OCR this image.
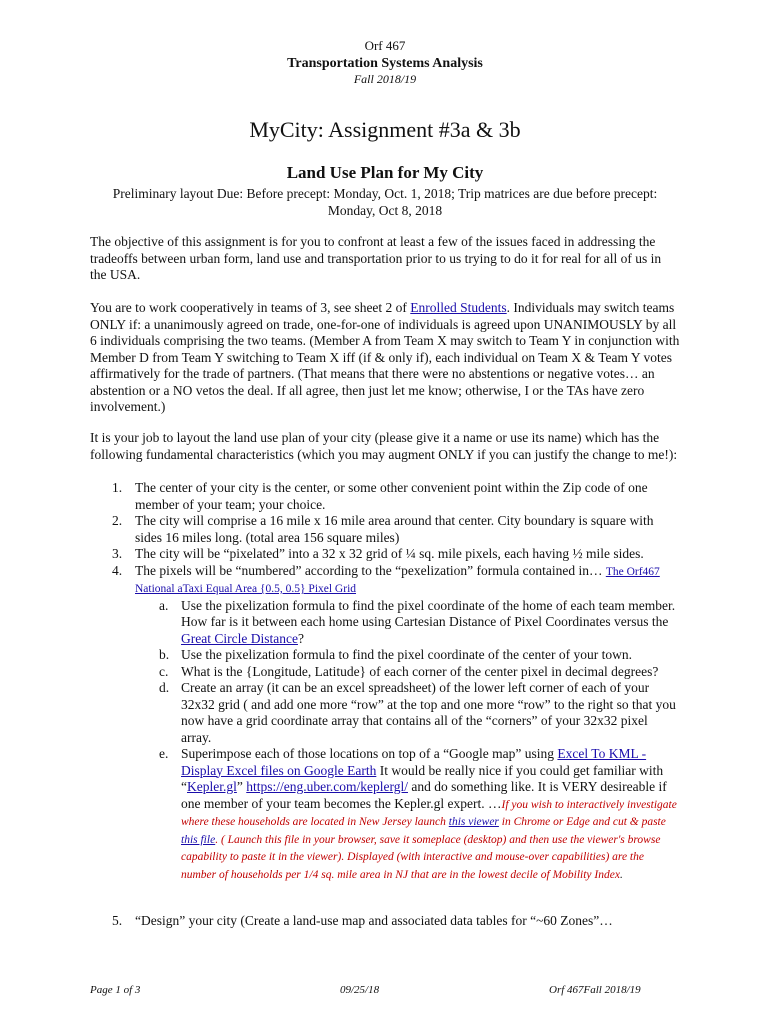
Orf 467
Transportation Systems Analysis
Fall 2018/19
MyCity: Assignment #3a & 3b
Land Use Plan for My City
Preliminary layout Due: Before precept: Monday, Oct. 1, 2018; Trip matrices are due before precept: Monday, Oct 8, 2018

The objective of this assignment is for you to confront at least a few of the issues faced in addressing the tradeoffs between urban form, land use and transportation prior to us trying to do it for real for all of us in the USA.

You are to work cooperatively in teams of 3, see sheet 2 of Enrolled Students. Individuals may switch teams ONLY if: a unanimously agreed on trade, one-for-one of individuals is agreed upon UNANIMOUSLY by all 6 individuals comprising the two teams. (Member A from Team X may switch to Team Y in conjunction with Member D from Team Y switching to Team X iff (if & only if), each individual on Team X & Team Y votes affirmatively for the trade of partners. (That means that there were no abstentions or negative votes… an abstention or a NO vetos the deal. If all agree, then just let me know; otherwise, I or the TAs have zero involvement.)

It is your job to layout the land use plan of your city (please give it a name or use its name) which has the following fundamental characteristics (which you may augment ONLY if you can justify the change to me!):

1. The center of your city is the center, or some other convenient point within the Zip code of one member of your team; your choice.
2. The city will comprise a 16 mile x 16 mile area around that center. City boundary is square with sides 16 miles long. (total area 156 square miles)
3. The city will be “pixelated” into a 32 x 32 grid of ¼ sq. mile pixels, each having ½ mile sides.
4. The pixels will be “numbered” according to the “pexelization” formula contained in… The Orf467 National aTaxi Equal Area {0.5, 0.5} Pixel Grid
a. Use the pixelization formula to find the pixel coordinate of the home of each team member. How far is it between each home using Cartesian Distance of Pixel Coordinates versus the Great Circle Distance?
b. Use the pixelization formula to find the pixel coordinate of the center of your town.
c. What is the {Longitude, Latitude} of each corner of the center pixel in decimal degrees?
d. Create an array (it can be an excel spreadsheet) of the lower left corner of each of your 32x32 grid ( and add one more “row” at the top and one more “row” to the right so that you now have a grid coordinate array that contains all of the “corners” of your 32x32 pixel array.
e. Superimpose each of those locations on top of a “Google map” using Excel To KML - Display Excel files on Google Earth It would be really nice if you could get familiar with “Kepler.gl” https://eng.uber.com/keplergl/ and do something like. It is VERY desireable if one member of your team becomes the Kepler.gl expert. …If you wish to interactively investigate where these households are located in New Jersey launch this viewer in Chrome or Edge and cut & paste this file. ( Launch this file in your browser, save it someplace (desktop) and then use the viewer's browse capability to paste it in the viewer). Displayed (with interactive and mouse-over capabilities) are the number of households per 1/4 sq. mile area in NJ that are in the lowest decile of Mobility Index.
5. “Design” your city (Create a land-use map and associated data tables for “~60 Zones”…
Page 1 of 3	09/25/18	Orf 467Fall 2018/19
